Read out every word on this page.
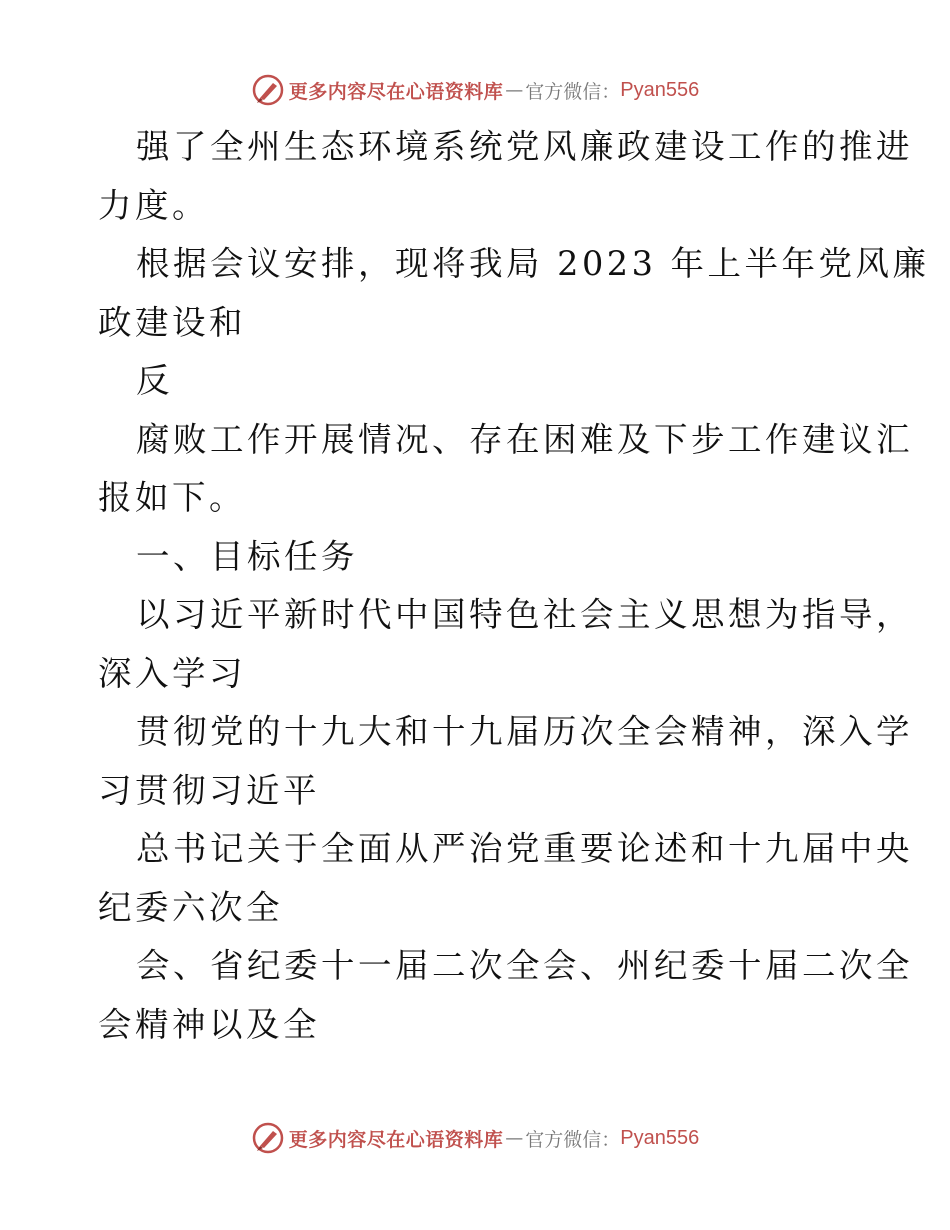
更多内容尽在心语资料库 — 官方微信： Pyan556
强了全州生态环境系统党风廉政建设工作的推进
力度。
根据会议安排，现将我局 2023 年上半年党风廉
政建设和
反
腐败工作开展情况、存在困难及下步工作建议汇
报如下。
一、目标任务
以习近平新时代中国特色社会主义思想为指导，
深入学习
贯彻党的十九大和十九届历次全会精神，深入学
习贯彻习近平
总书记关于全面从严治党重要论述和十九届中央
纪委六次全
会、省纪委十一届二次全会、州纪委十届二次全
会精神以及全
更多内容尽在心语资料库 — 官方微信： Pyan556
